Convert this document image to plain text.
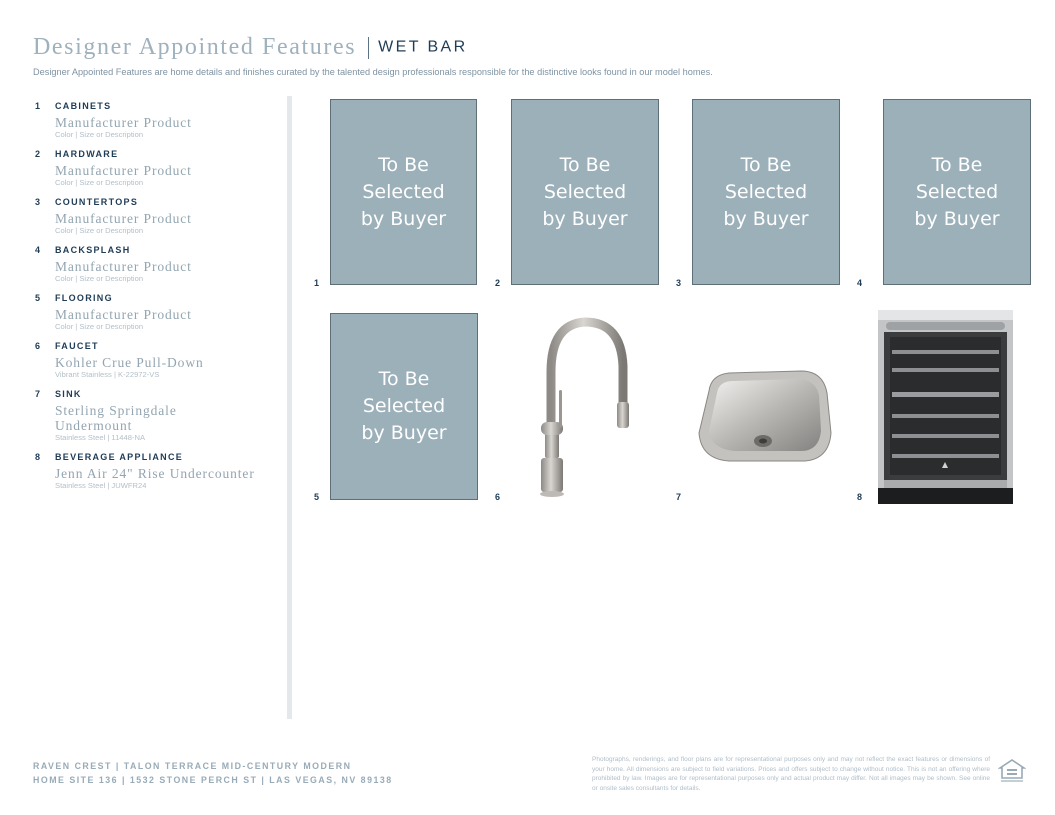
Designer Appointed Features WET BAR
Designer Appointed Features are home details and finishes curated by the talented design professionals responsible for the distinctive looks found in our model homes.
1 CABINETS
Manufacturer Product
Color | Size or Description
2 HARDWARE
Manufacturer Product
Color | Size or Description
3 COUNTERTOPS
Manufacturer Product
Color | Size or Description
4 BACKSPLASH
Manufacturer Product
Color | Size or Description
5 FLOORING
Manufacturer Product
Color | Size or Description
6 FAUCET
Kohler Crue Pull-Down
Vibrant Stainless | K-22972-VS
7 SINK
Sterling Springdale Undermount
Stainless Steel | 11448-NA
8 BEVERAGE APPLIANCE
Jenn Air 24" Rise Undercounter
Stainless Steel | JUWFR24
1
To Be
Selected
by Buyer
2
To Be
Selected
by Buyer
3
To Be
Selected
by Buyer
4
To Be
Selected
by Buyer
5
To Be
Selected
by Buyer
6	7	8
RAVEN CREST | TALON TERRACE MID-CENTURY MODERN
HOME SITE 136 | 1532 STONE PERCH ST | LAS VEGAS, NV 89138
Photographs, renderings, and floor plans are for representational purposes only and may not reflect the exact features or dimensions of your home. All dimensions are subject to field variations. Prices and offers subject to change without notice. This is not an offering where prohibited by law. Images are for representational purposes only and actual product may differ. Not all images may be shown. See online or onsite sales consultants for details.
